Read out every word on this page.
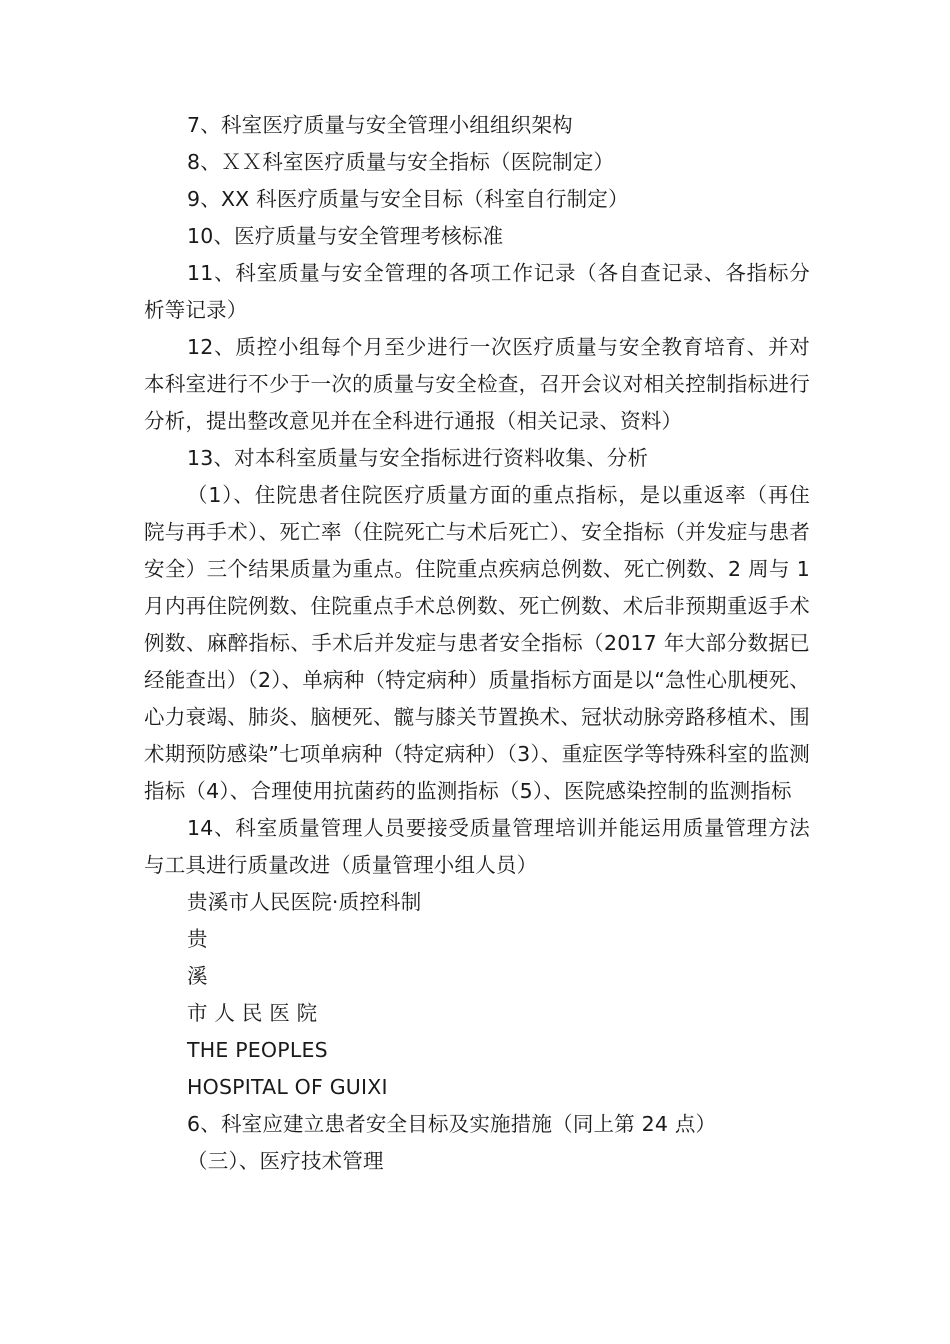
7、科室医疗质量与安全管理小组组织架构

8、ＸＸ科室医疗质量与安全指标（医院制定）

9、XX 科医疗质量与安全目标（科室自行制定）

10、医疗质量与安全管理考核标准

11、科室质量与安全管理的各项工作记录（各自查记录、各指标分析等记录）

12、质控小组每个月至少进行一次医疗质量与安全教育培育、并对本科室进行不少于一次的质量与安全检查，召开会议对相关控制指标进行分析，提出整改意见并在全科进行通报（相关记录、资料）

13、对本科室质量与安全指标进行资料收集、分析

（1）、住院患者住院医疗质量方面的重点指标，是以重返率（再住院与再手术）、死亡率（住院死亡与术后死亡）、安全指标（并发症与患者安全）三个结果质量为重点。住院重点疾病总例数、死亡例数、2 周与 1 月内再住院例数、住院重点手术总例数、死亡例数、术后非预期重返手术例数、麻醉指标、手术后并发症与患者安全指标（2017 年大部分数据已经能查出）（2）、单病种（特定病种）质量指标方面是以“急性心肌梗死、心力衰竭、肺炎、脑梗死、髋与膝关节置换术、冠状动脉旁路移植术、围术期预防感染”七项单病种（特定病种）（3）、重症医学等特殊科室的监测指标（4）、合理使用抗菌药的监测指标（5）、医院感染控制的监测指标

14、科室质量管理人员要接受质量管理培训并能运用质量管理方法与工具进行质量改进（质量管理小组人员）

贵溪市人民医院·质控科制

贵

溪

市 人 民 医 院

THE PEOPLES

HOSPITAL OF GUIXI

6、科室应建立患者安全目标及实施措施（同上第 24 点）

（三）、医疗技术管理
